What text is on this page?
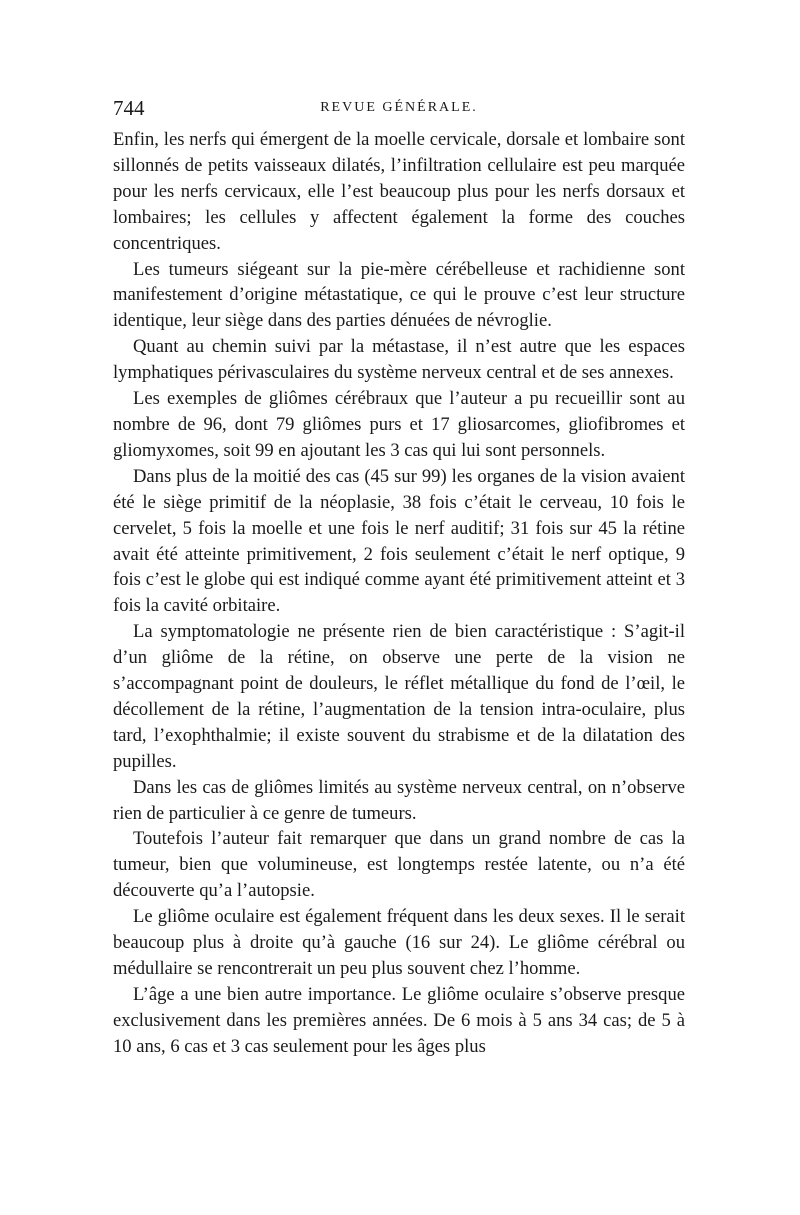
744	REVUE GÉNÉRALE.

Enfin, les nerfs qui émergent de la moelle cervicale, dorsale et lombaire sont sillonnés de petits vaisseaux dilatés, l’infiltration cellulaire est peu marquée pour les nerfs cervicaux, elle l’est beaucoup plus pour les nerfs dorsaux et lombaires; les cellules y affectent également la forme des couches concentriques.

Les tumeurs siégeant sur la pie-mère cérébelleuse et rachidienne sont manifestement d’origine métastatique, ce qui le prouve c’est leur structure identique, leur siège dans des parties dénuées de névroglie.

Quant au chemin suivi par la métastase, il n’est autre que les espaces lymphatiques périvasculaires du système nerveux central et de ses annexes.

Les exemples de gliômes cérébraux que l’auteur a pu recueillir sont au nombre de 96, dont 79 gliômes purs et 17 gliosarcomes, gliofibromes et gliomyxomes, soit 99 en ajoutant les 3 cas qui lui sont personnels.

Dans plus de la moitié des cas (45 sur 99) les organes de la vision avaient été le siège primitif de la néoplasie, 38 fois c’était le cerveau, 10 fois le cervelet, 5 fois la moelle et une fois le nerf auditif; 31 fois sur 45 la rétine avait été atteinte primitivement, 2 fois seulement c’était le nerf optique, 9 fois c’est le globe qui est indiqué comme ayant été primitivement atteint et 3 fois la cavité orbitaire.

La symptomatologie ne présente rien de bien caractéristique : S’agit-il d’un gliôme de la rétine, on observe une perte de la vision ne s’accompagnant point de douleurs, le réflet métallique du fond de l’œil, le décollement de la rétine, l’augmentation de la tension intra-oculaire, plus tard, l’exophthalmie; il existe souvent du strabisme et de la dilatation des pupilles.

Dans les cas de gliômes limités au système nerveux central, on n’observe rien de particulier à ce genre de tumeurs.

Toutefois l’auteur fait remarquer que dans un grand nombre de cas la tumeur, bien que volumineuse, est longtemps restée latente, ou n’a été découverte qu’a l’autopsie.

Le gliôme oculaire est également fréquent dans les deux sexes. Il le serait beaucoup plus à droite qu’à gauche (16 sur 24). Le gliôme cérébral ou médullaire se rencontrerait un peu plus souvent chez l’homme.

L’âge a une bien autre importance. Le gliôme oculaire s’observe presque exclusivement dans les premières années. De 6 mois à 5 ans 34 cas; de 5 à 10 ans, 6 cas et 3 cas seulement pour les âges plus
